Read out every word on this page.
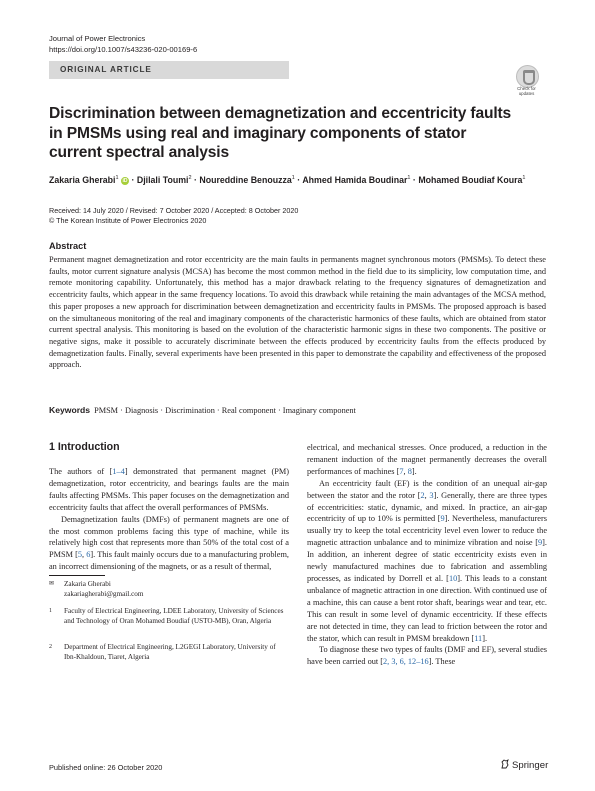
Journal of Power Electronics
https://doi.org/10.1007/s43236-020-00169-6
ORIGINAL ARTICLE
Check for updates
Discrimination between demagnetization and eccentricity faults in PMSMs using real and imaginary components of stator current spectral analysis
Zakaria Gherabi$^1$ iD · Djilali Toumi$^2$ · Noureddine Benouzza$^1$ · Ahmed Hamida Boudinar$^1$ · Mohamed Boudiaf Koura$^1$
Received: 14 July 2020 / Revised: 7 October 2020 / Accepted: 8 October 2020
© The Korean Institute of Power Electronics 2020
Abstract
Permanent magnet demagnetization and rotor eccentricity are the main faults in permanents magnet synchronous motors (PMSMs). To detect these faults, motor current signature analysis (MCSA) has become the most common method in the field due to its simplicity, low computation time, and remote monitoring capability. Unfortunately, this method has a major drawback relating to the frequency signatures of demagnetization and eccentricity faults, which appear in the same frequency locations. To avoid this drawback while retaining the main advantages of the MCSA method, this paper proposes a new approach for discrimination between demagnetization and eccentricity faults in PMSMs. The proposed approach is based on the simultaneous monitoring of the real and imaginary components of the characteristic harmonics of these faults, which are obtained from stator current spectral analysis. This monitoring is based on the evolution of the characteristic harmonic signs in these two components. The positive or negative signs, make it possible to accurately discriminate between the effects produced by eccentricity faults from the effects produced by demagnetization faults. Finally, several experiments have been presented in this paper to demonstrate the capability and effectiveness of the proposed approach.
Keywords PMSM · Diagnosis · Discrimination · Real component · Imaginary component
1 Introduction

The authors of [1–4] demonstrated that permanent magnet (PM) demagnetization, rotor eccentricity, and bearings faults are the main faults affecting PMSMs. This paper focuses on the demagnetization and eccentricity faults that affect the overall performances of PMSMs.

Demagnetization faults (DMFs) of permanent magnets are one of the most common problems facing this type of machine, while its relatively high cost that represents more than 50% of the total cost of a PMSM [5, 6]. This fault mainly occurs due to a manufacturing problem, an incorrect dimensioning of the magnets, or as a result of thermal,

electrical, and mechanical stresses. Once produced, a reduction in the remanent induction of the magnet permanently decreases the overall performances of machines [7, 8].

An eccentricity fault (EF) is the condition of an unequal air-gap between the stator and the rotor [2, 3]. Generally, there are three types of eccentricities: static, dynamic, and mixed. In practice, an air-gap eccentricity of up to 10% is permitted [9]. Nevertheless, manufacturers usually try to keep the total eccentricity level even lower to reduce the magnetic attraction unbalance and to minimize vibration and noise [9]. In addition, an inherent degree of static eccentricity exists even in newly manufactured machines due to fabrication and assembling processes, as indicated by Dorrell et al. [10]. This leads to a constant unbalance of magnetic attraction in one direction. With continued use of a machine, this can cause a bent rotor shaft, bearings wear and tear, etc. This can result in some level of dynamic eccentricity. If these effects are not detected in time, they can lead to friction between the rotor and the stator, which can result in PMSM breakdown [11].

To diagnose these two types of faults (DMF and EF), several studies have been carried out [2, 3, 6, 12–16]. These

✉ Zakaria Gherabi
zakariagherabi@gmail.com
1 Faculty of Electrical Engineering, LDEE Laboratory, University of Sciences and Technology of Oran Mohamed Boudiaf (USTO-MB), Oran, Algeria
2 Department of Electrical Engineering, L2GEGI Laboratory, University of Ibn-Khaldoun, Tiaret, Algeria
Published online: 26 October 2020	Springer
